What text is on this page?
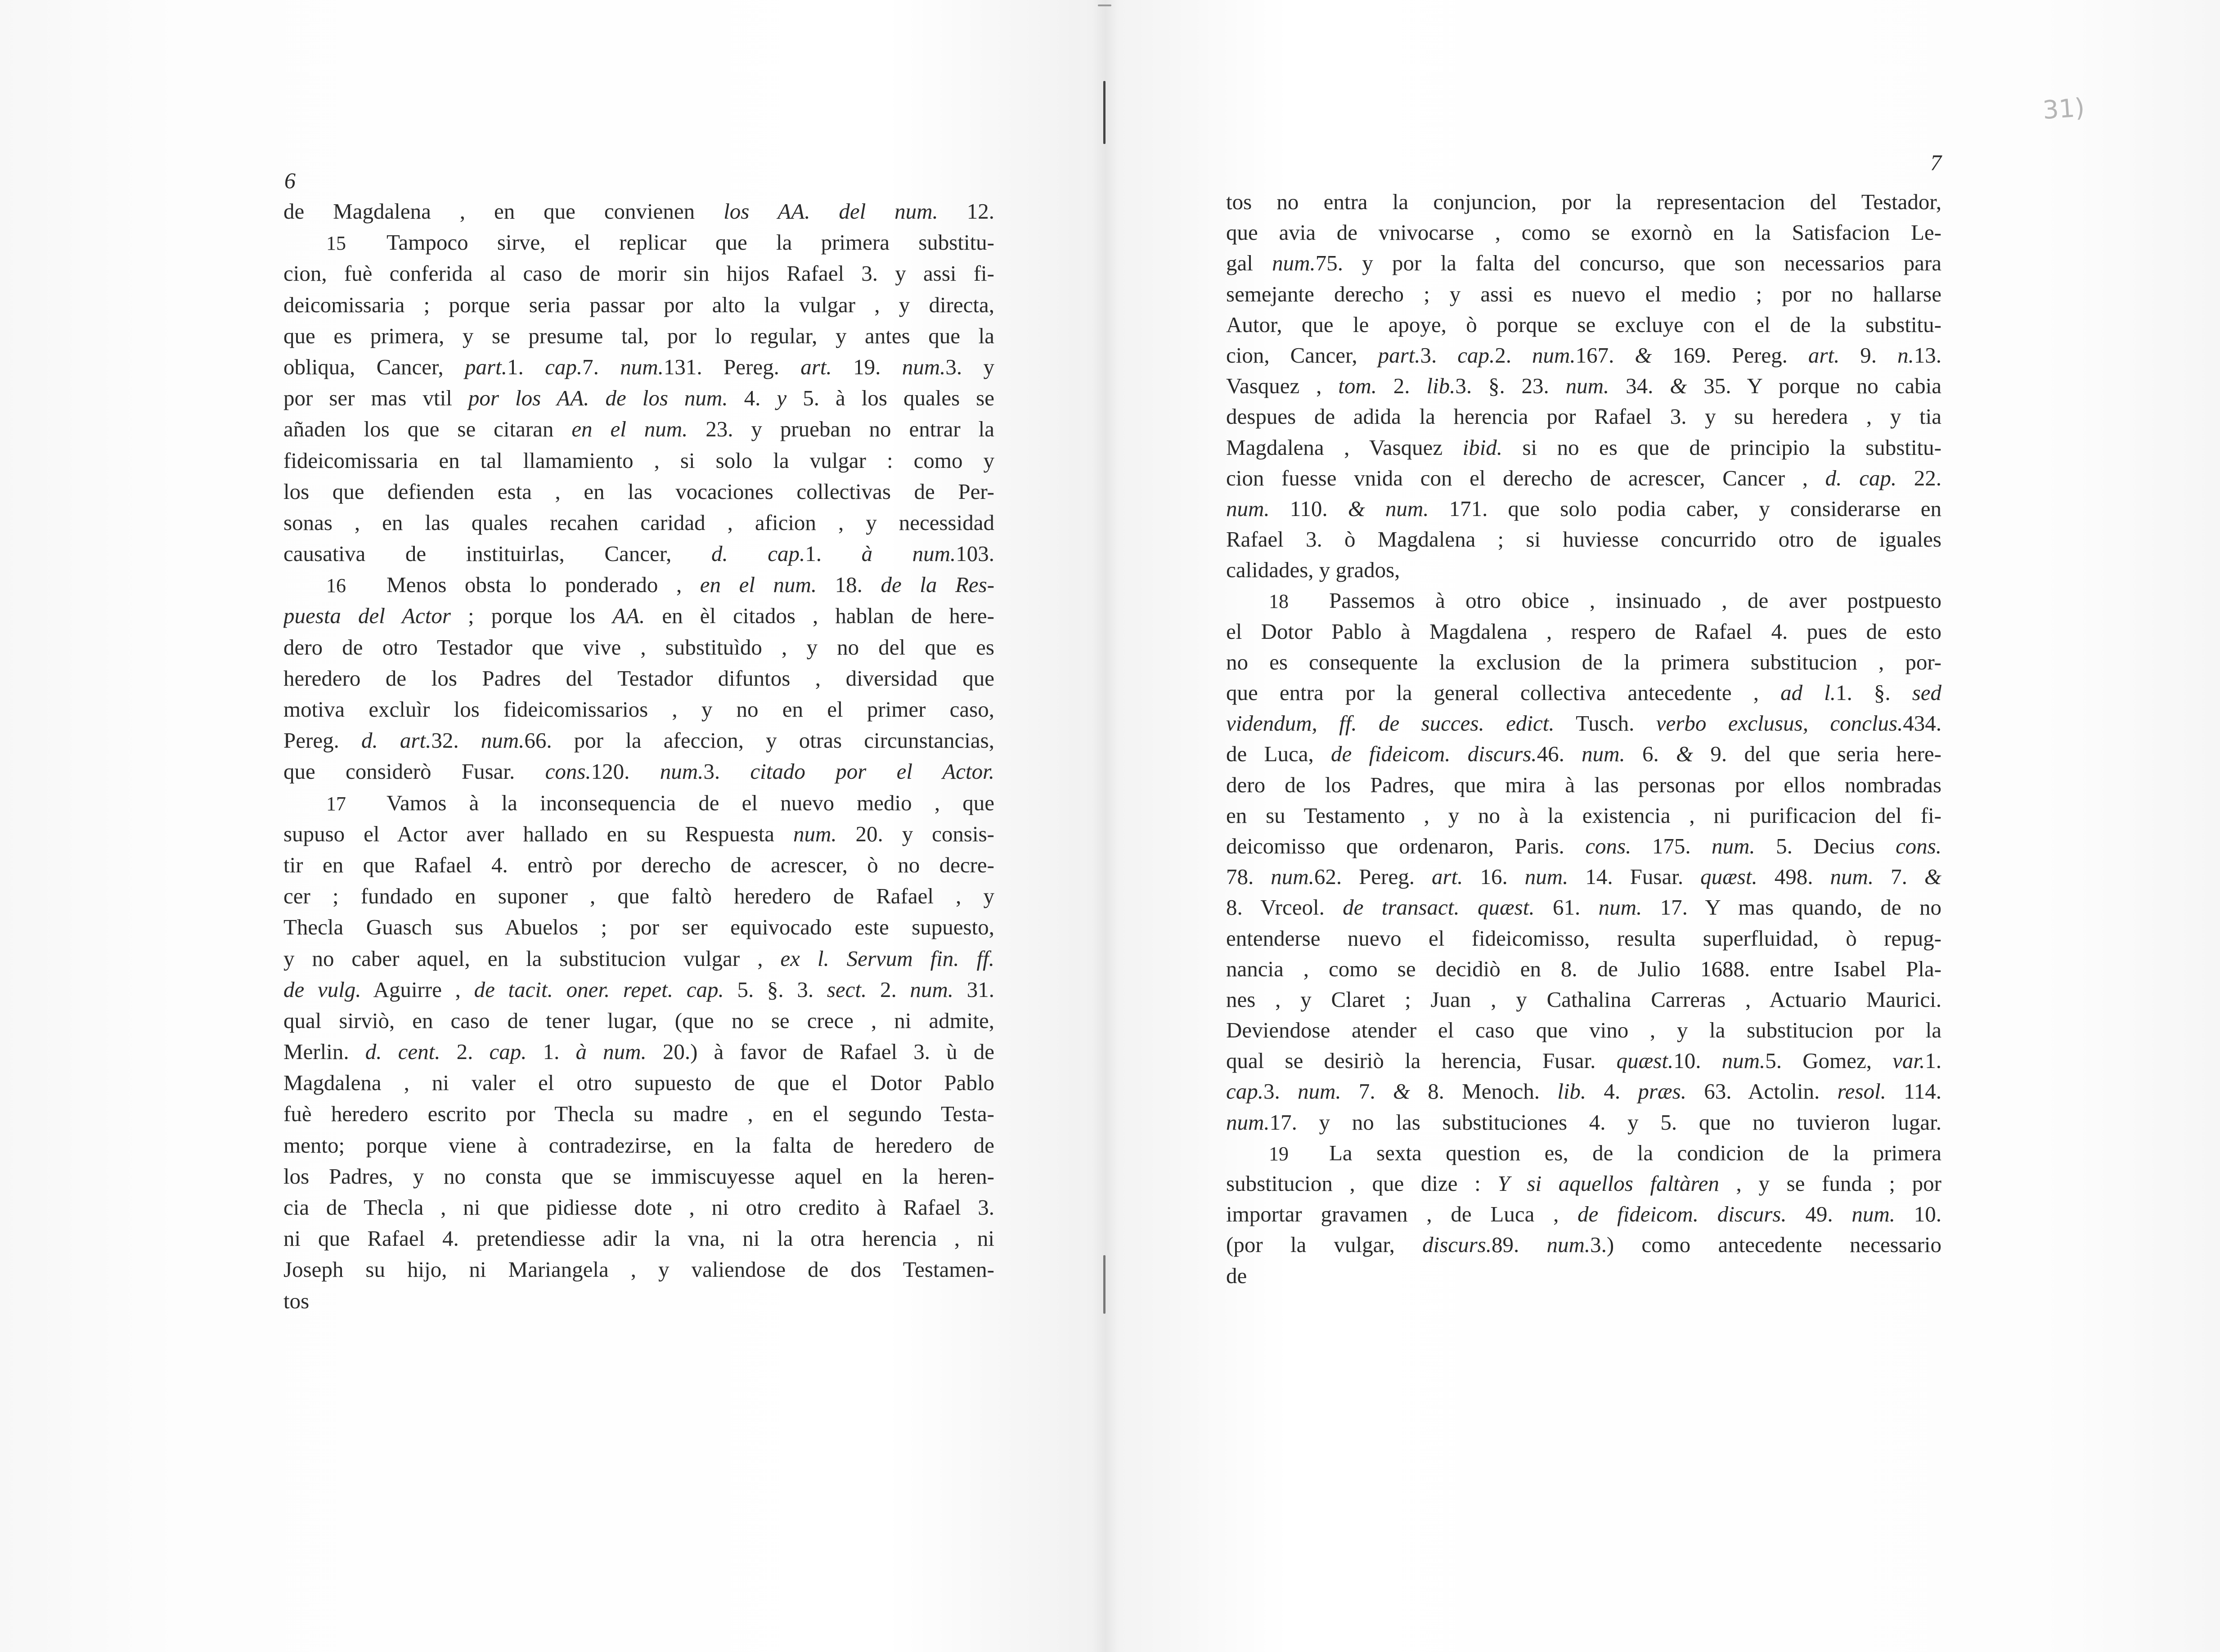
31)
6
de Magdalena , en que convienen los AA. del num. 12.
15 Tampoco sirve, el replicar que la primera substitu-
cion, fuè conferida al caso de morir sin hijos Rafael 3. y assi fi-
deicomissaria ; porque seria passar por alto la vulgar , y directa,
que es primera, y se presume tal, por lo regular, y antes que la
obliqua, Cancer, part.1. cap.7. num.131. Pereg. art. 19. num.3. y
por ser mas vtil por los AA. de los num. 4. y 5. à los quales se
añaden los que se citaran en el num. 23. y prueban no entrar la
fideicomissaria en tal llamamiento , si solo la vulgar : como y
los que defienden esta , en las vocaciones collectivas de Per-
sonas , en las quales recahen caridad , aficion , y necessidad
causativa de instituirlas, Cancer, d. cap.1. à num.103.
16 Menos obsta lo ponderado , en el num. 18. de la Res-
puesta del Actor ; porque los AA. en èl citados , hablan de here-
dero de otro Testador que vive , substituìdo , y no del que es
heredero de los Padres del Testador difuntos , diversidad que
motiva excluìr los fideicomissarios , y no en el primer caso,
Pereg. d. art.32. num.66. por la afeccion, y otras circunstancias,
que considerò Fusar. cons.120. num.3. citado por el Actor.
17 Vamos à la inconsequencia de el nuevo medio , que
supuso el Actor aver hallado en su Respuesta num. 20. y consis-
tir en que Rafael 4. entrò por derecho de acrescer, ò no decre-
cer ; fundado en suponer , que faltò heredero de Rafael , y
Thecla Guasch sus Abuelos ; por ser equivocado este supuesto,
y no caber aquel, en la substitucion vulgar , ex l. Servum fin. ff.
de vulg. Aguirre , de tacit. oner. repet. cap. 5. §. 3. sect. 2. num. 31.
qual sirviò, en caso de tener lugar, (que no se crece , ni admite,
Merlin. d. cent. 2. cap. 1. à num. 20.) à favor de Rafael 3. ù de
Magdalena , ni valer el otro supuesto de que el Dotor Pablo
fuè heredero escrito por Thecla su madre , en el segundo Testa-
mento; porque viene à contradezirse, en la falta de heredero de
los Padres, y no consta que se immiscuyesse aquel en la heren-
cia de Thecla , ni que pidiesse dote , ni otro credito à Rafael 3.
ni que Rafael 4. pretendiesse adir la vna, ni la otra herencia , ni
Joseph su hijo, ni Mariangela , y valiendose de dos Testamen-
tos
7
tos no entra la conjuncion, por la representacion del Testador,
que avia de vnivocarse , como se exornò en la Satisfacion Le-
gal num.75. y por la falta del concurso, que son necessarios para
semejante derecho ; y assi es nuevo el medio ; por no hallarse
Autor, que le apoye, ò porque se excluye con el de la substitu-
cion, Cancer, part.3. cap.2. num.167. & 169. Pereg. art. 9. n.13.
Vasquez , tom. 2. lib.3. §. 23. num. 34. & 35. Y porque no cabia
despues de adida la herencia por Rafael 3. y su heredera , y tia
Magdalena , Vasquez ibid. si no es que de principio la substitu-
cion fuesse vnida con el derecho de acrescer, Cancer , d. cap. 22.
num. 110. & num. 171. que solo podia caber, y considerarse en
Rafael 3. ò Magdalena ; si huviesse concurrido otro de iguales
calidades, y grados,
18 Passemos à otro obice , insinuado , de aver postpuesto
el Dotor Pablo à Magdalena , respero de Rafael 4. pues de esto
no es consequente la exclusion de la primera substitucion , por-
que entra por la general collectiva antecedente , ad l.1. §. sed
videndum, ff. de succes. edict. Tusch. verbo exclusus, conclus.434.
de Luca, de fideicom. discurs.46. num. 6. & 9. del que seria here-
dero de los Padres, que mira à las personas por ellos nombradas
en su Testamento , y no à la existencia , ni purificacion del fi-
deicomisso que ordenaron, Paris. cons. 175. num. 5. Decius cons.
78. num.62. Pereg. art. 16. num. 14. Fusar. quæst. 498. num. 7. &
8. Vrceol. de transact. quæst. 61. num. 17. Y mas quando, de no
entenderse nuevo el fideicomisso, resulta superfluidad, ò repug-
nancia , como se decidiò en 8. de Julio 1688. entre Isabel Pla-
nes , y Claret ; Juan , y Cathalina Carreras , Actuario Maurici.
Deviendose atender el caso que vino , y la substitucion por la
qual se desiriò la herencia, Fusar. quæst.10. num.5. Gomez, var.1.
cap.3. num. 7. & 8. Menoch. lib. 4. præs. 63. Actolin. resol. 114.
num.17. y no las substituciones 4. y 5. que no tuvieron lugar.
19 La sexta question es, de la condicion de la primera
substitucion , que dize : Y si aquellos faltàren , y se funda ; por
importar gravamen , de Luca , de fideicom. discurs. 49. num. 10.
(por la vulgar, discurs.89. num.3.) como antecedente necessario
de
